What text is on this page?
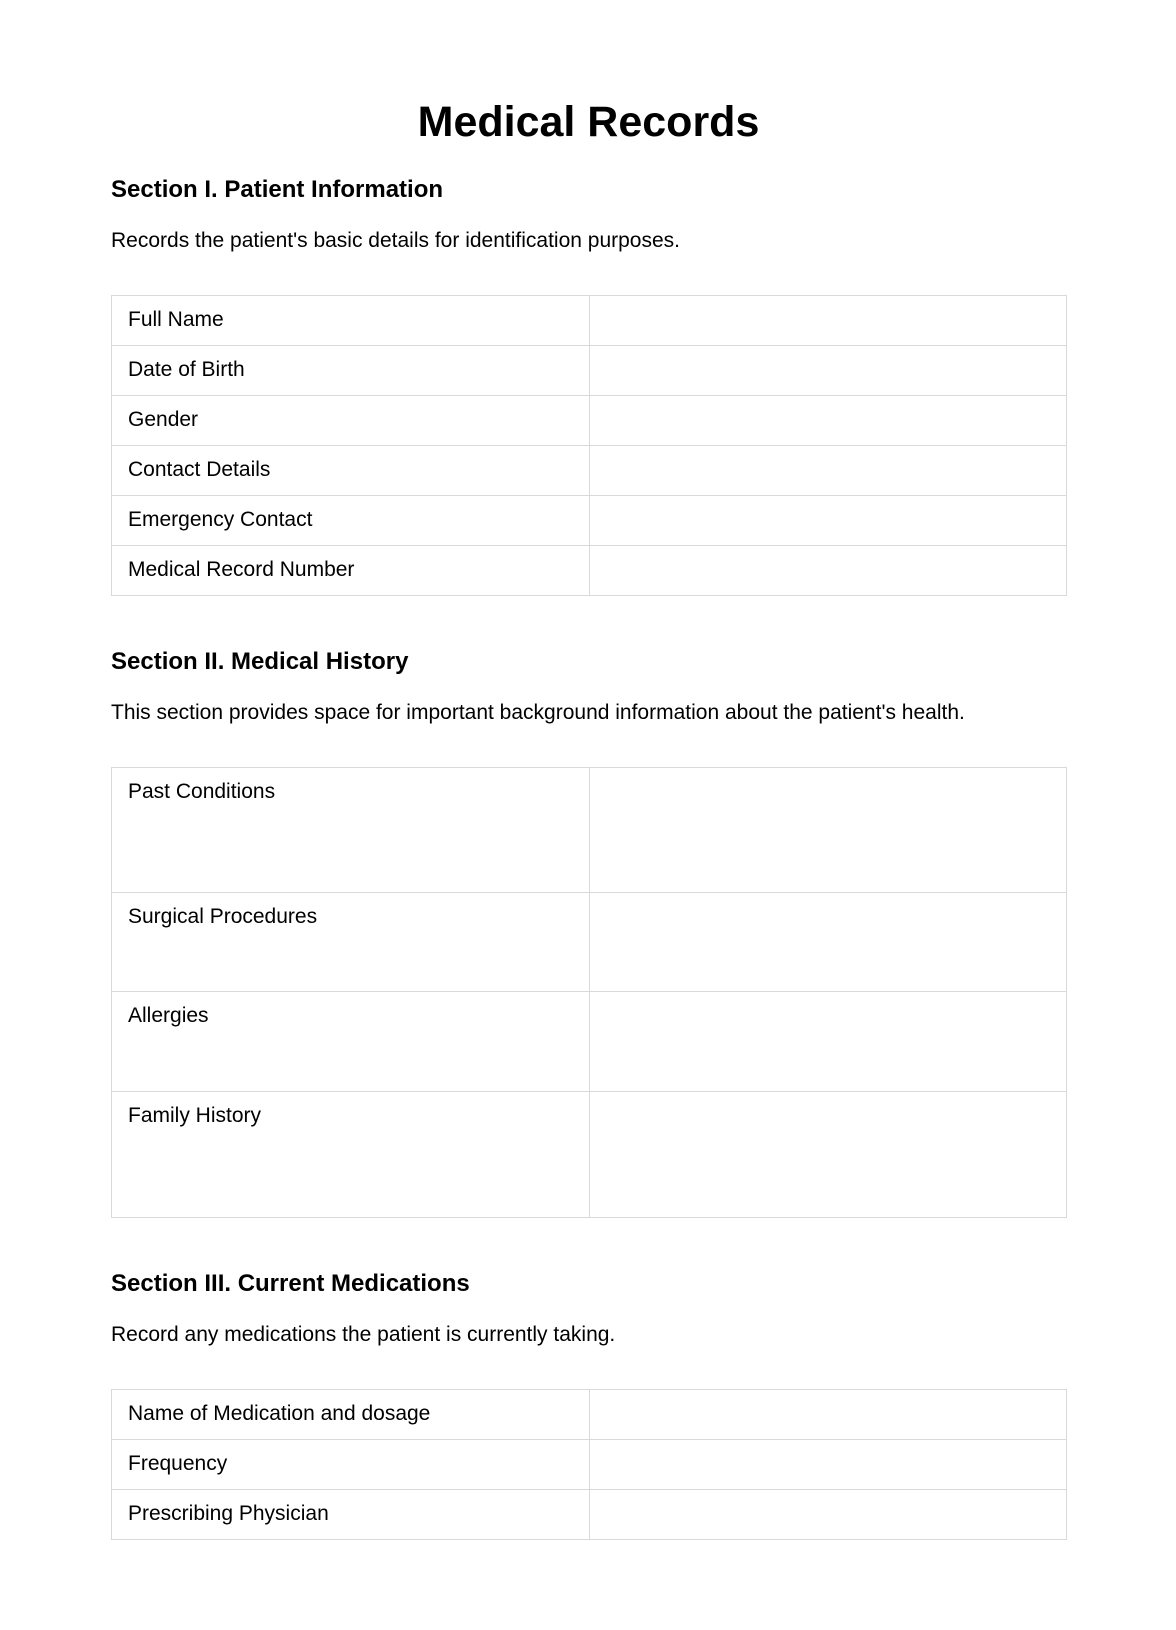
Medical Records
Section I. Patient Information

Records the patient's basic details for identification purposes.

Full Name	
Date of Birth	
Gender	
Contact Details	
Emergency Contact	
Medical Record Number	
Section II. Medical History

This section provides space for important background information about the patient's health.

Past Conditions	
Surgical Procedures	
Allergies	
Family History	
Section III. Current Medications

Record any medications the patient is currently taking.

Name of Medication and dosage	
Frequency	
Prescribing Physician	
